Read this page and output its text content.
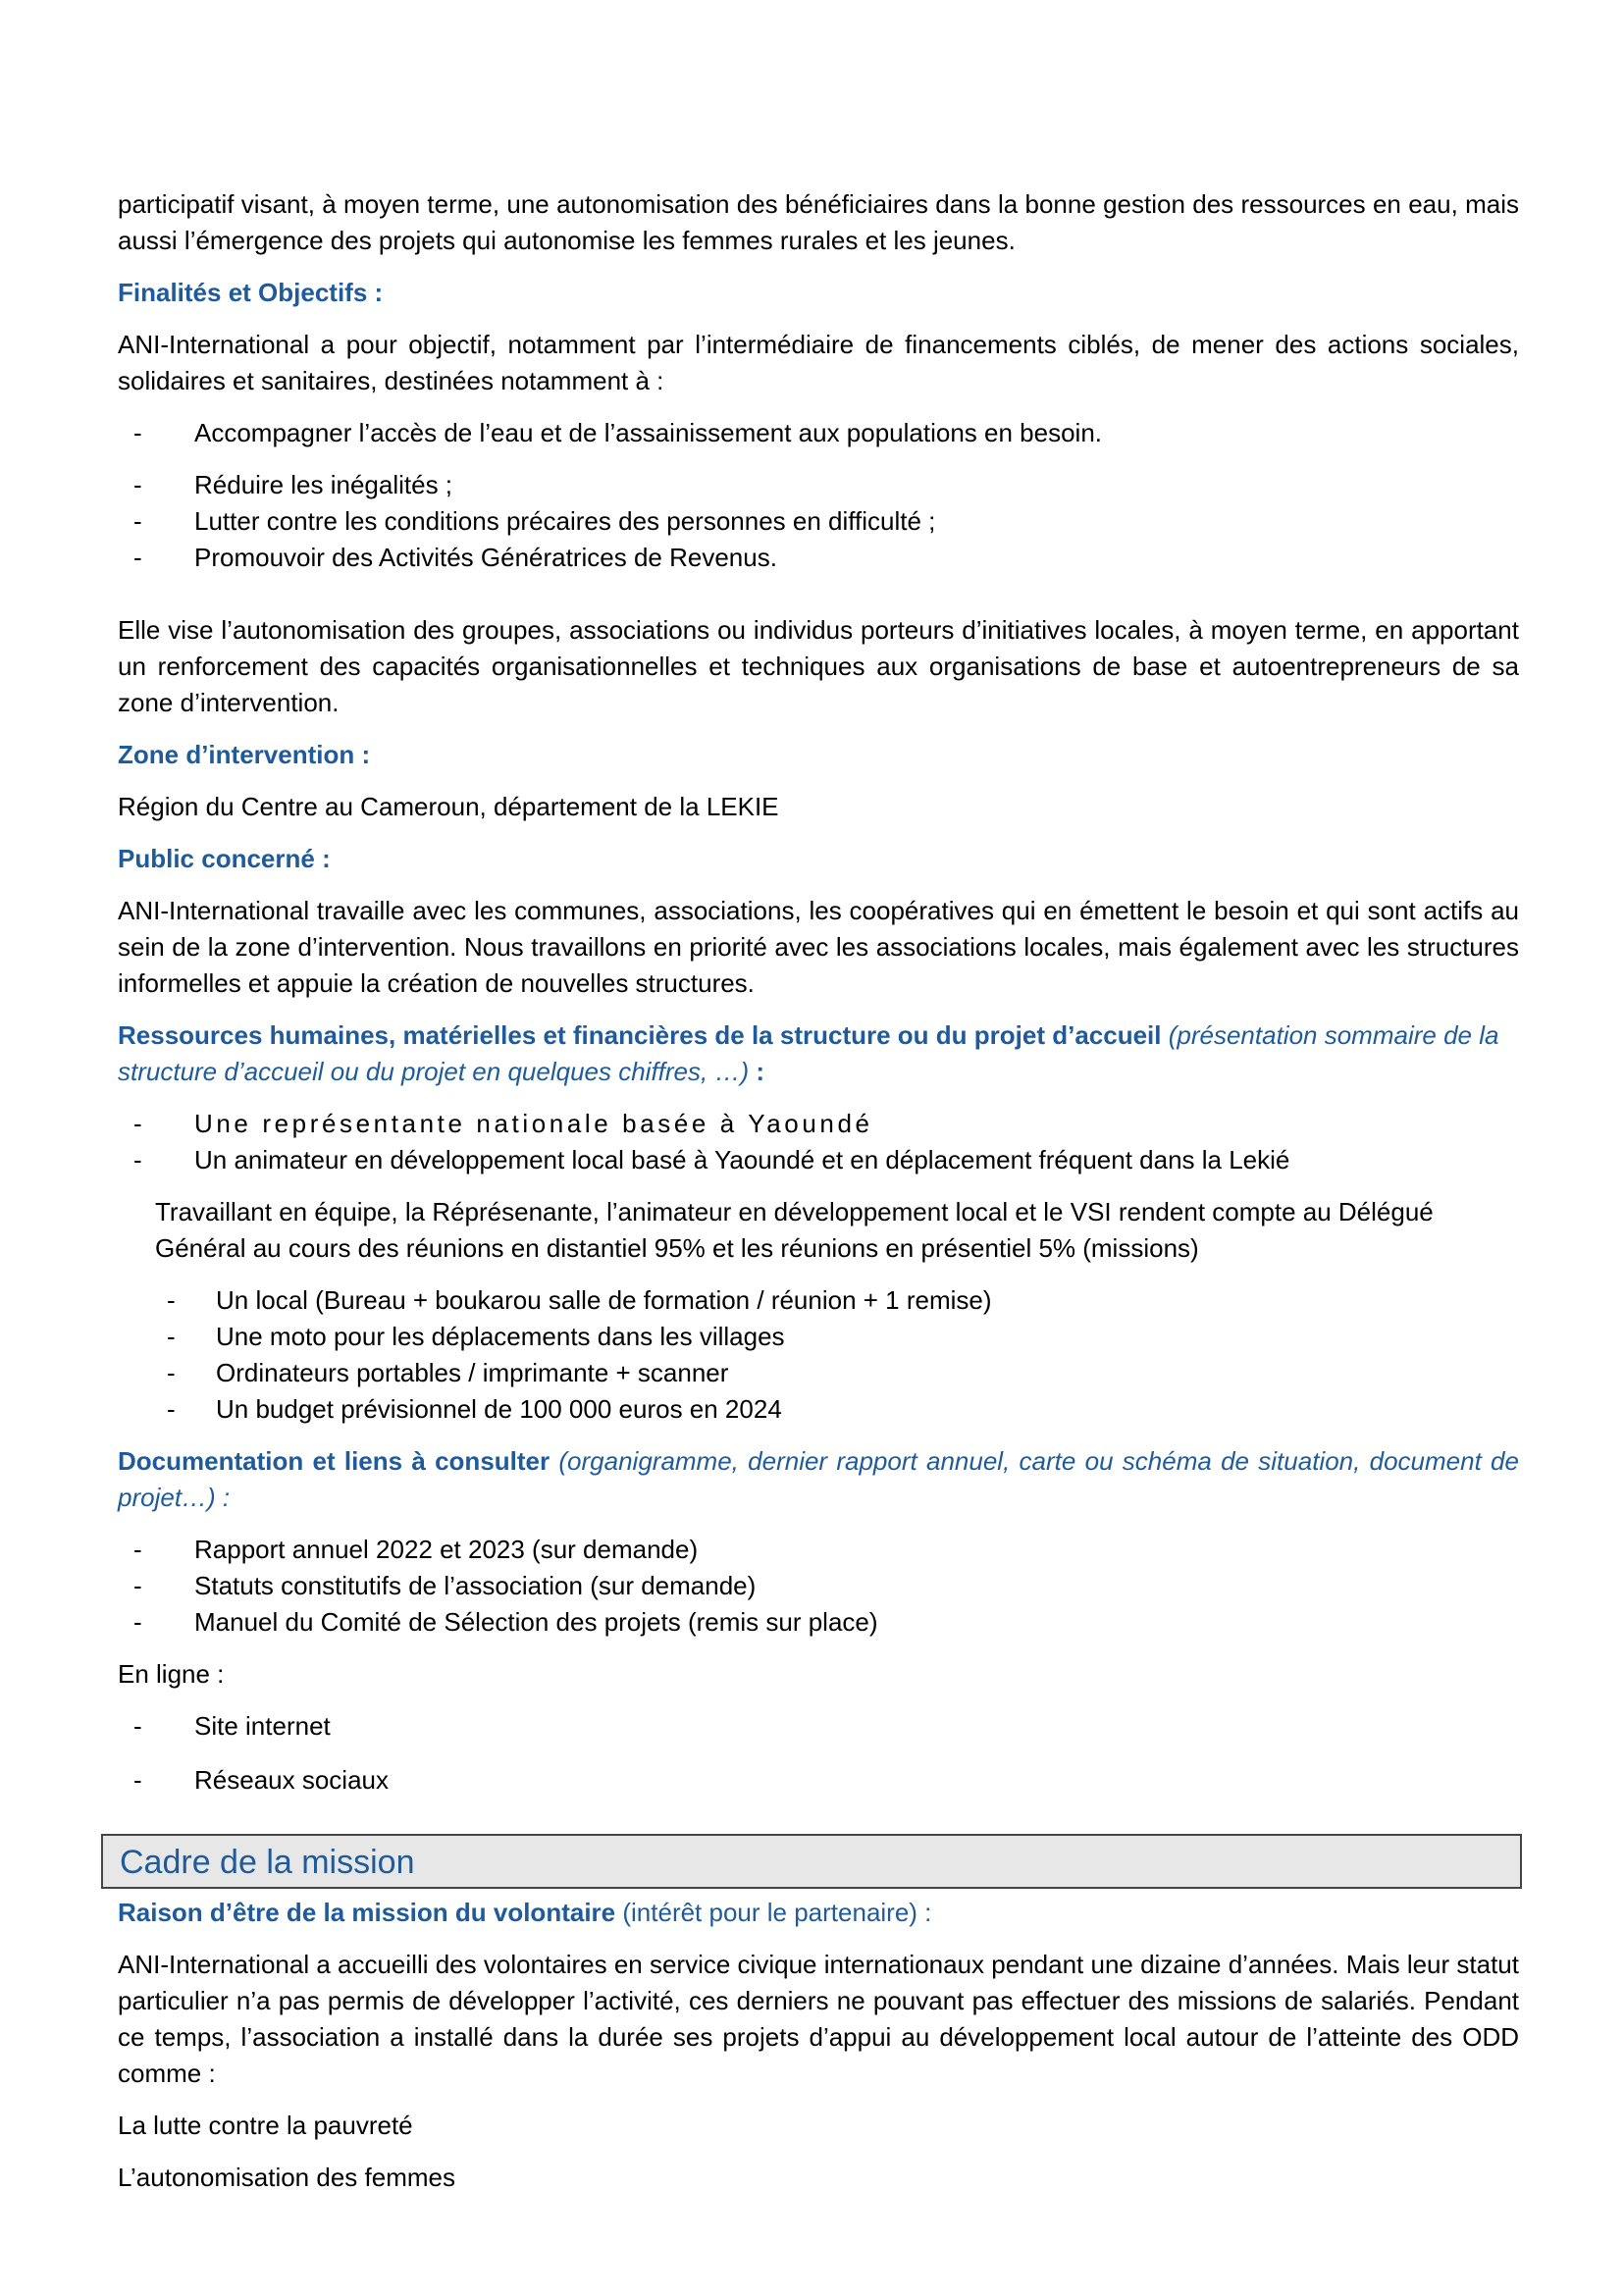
participatif visant, à moyen terme, une autonomisation des bénéficiaires dans la bonne gestion des ressources en eau, mais aussi l’émergence des projets qui autonomise les femmes rurales et les jeunes.

Finalités et Objectifs :

ANI-International a pour objectif, notamment par l’intermédiaire de financements ciblés, de mener des actions sociales, solidaires et sanitaires, destinées notamment à :

- Accompagner l’accès de l’eau et de l’assainissement aux populations en besoin.
- Réduire les inégalités ;
- Lutter contre les conditions précaires des personnes en difficulté ;
- Promouvoir des Activités Génératrices de Revenus.

Elle vise l’autonomisation des groupes, associations ou individus porteurs d’initiatives locales, à moyen terme, en apportant un renforcement des capacités organisationnelles et techniques aux organisations de base et autoentrepreneurs de sa zone d’intervention.

Zone d’intervention :

Région du Centre au Cameroun, département de la LEKIE

Public concerné :

ANI-International travaille avec les communes, associations, les coopératives qui en émettent le besoin et qui sont actifs au sein de la zone d’intervention. Nous travaillons en priorité avec les associations locales, mais également avec les structures informelles et appuie la création de nouvelles structures.

Ressources humaines, matérielles et financières de la structure ou du projet d’accueil (présentation sommaire de la structure d’accueil ou du projet en quelques chiffres, …) :

- Une représentante nationale basée à Yaoundé
- Un animateur en développement local basé à Yaoundé et en déplacement fréquent dans la Lekié

Travaillant en équipe, la Réprésenante, l’animateur en développement local et le VSI rendent compte au Délégué Général au cours des réunions en distantiel 95% et les réunions en présentiel 5% (missions)

- Un local (Bureau + boukarou salle de formation / réunion + 1 remise)
- Une moto pour les déplacements dans les villages
- Ordinateurs portables / imprimante + scanner
- Un budget prévisionnel de 100 000 euros en 2024

Documentation et liens à consulter (organigramme, dernier rapport annuel, carte ou schéma de situation, document de projet…) :

- Rapport annuel 2022 et 2023 (sur demande)
- Statuts constitutifs de l’association (sur demande)
- Manuel du Comité de Sélection des projets (remis sur place)

En ligne :

- Site internet
- Réseaux sociaux
Cadre de la mission

Raison d’être de la mission du volontaire (intérêt pour le partenaire) :

ANI-International a accueilli des volontaires en service civique internationaux pendant une dizaine d’années. Mais leur statut particulier n’a pas permis de développer l’activité, ces derniers ne pouvant pas effectuer des missions de salariés. Pendant ce temps, l’association a installé dans la durée ses projets d’appui au développement local autour de l’atteinte des ODD comme :

La lutte contre la pauvreté

L’autonomisation des femmes
